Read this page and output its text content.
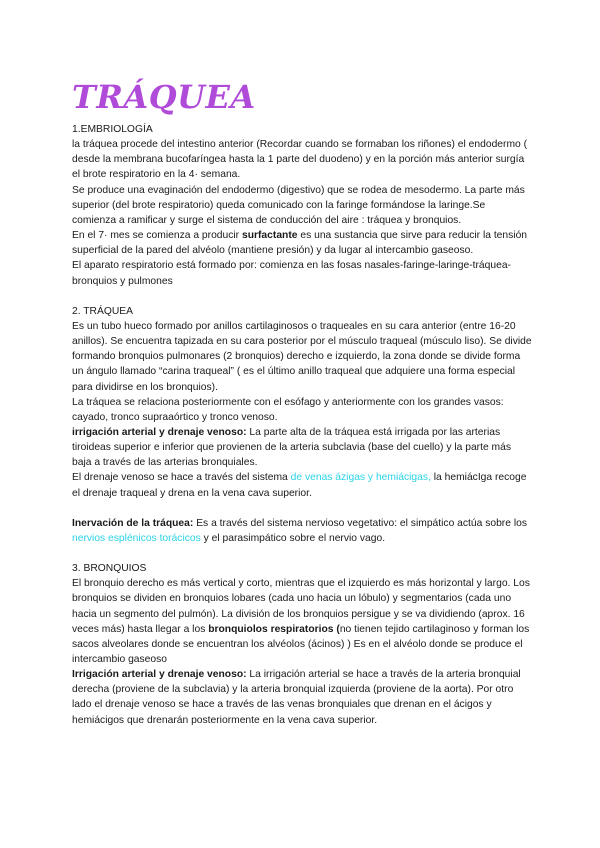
TRÁQUEA

1.EMBRIOLOGÍA

la tráquea procede del intestino anterior (Recordar cuando se formaban los riñones) el endodermo ( desde la membrana bucofaríngea hasta la 1 parte del duodeno) y en la porción más anterior surgía el brote respiratorio en la 4· semana.

Se produce una evaginación del endodermo (digestivo) que se rodea de mesodermo. La parte más superior (del brote respiratorio) queda comunicado con la faringe formándose la laringe.Se comienza a ramificar y surge el sistema de conducción del aire : tráquea y bronquios.

En el 7· mes se comienza a producir surfactante es una sustancia que sirve para reducir la tensión superficial de la pared del alvéolo (mantiene presión) y da lugar al intercambio gaseoso.

El aparato respiratorio está formado por: comienza en las fosas nasales-faringe-laringe-tráquea-bronquios y pulmones

2. TRÁQUEA

Es un tubo hueco formado por anillos cartilaginosos o traqueales en su cara anterior (entre 16-20 anillos). Se encuentra tapizada en su cara posterior por el músculo traqueal (músculo liso). Se divide formando bronquios pulmonares (2 bronquios) derecho e izquierdo, la zona donde se divide forma un ángulo llamado “carina traqueal” ( es el último anillo traqueal que adquiere una forma especial para dividirse en los bronquios).

La tráquea se relaciona posteriormente con el esófago y anteriormente con los grandes vasos: cayado, tronco supraaórtico y tronco venoso.

irrigación arterial y drenaje venoso: La parte alta de la tráquea está irrigada por las arterias tiroideas superior e inferior que provienen de la arteria subclavia (base del cuello) y la parte más baja a través de las arterias bronquiales.

El drenaje venoso se hace a través del sistema de venas ázigas y hemiácigas, la hemiácIga recoge el drenaje traqueal y drena en la vena cava superior.

Inervación de la tráquea: Es a través del sistema nervioso vegetativo: el simpático actúa sobre los nervios esplénicos torácicos y el parasimpático sobre el nervio vago.

3. BRONQUIOS

El bronquio derecho es más vertical y corto, mientras que el izquierdo es más horizontal y largo. Los bronquios se dividen en bronquios lobares (cada uno hacia un lóbulo) y segmentarios (cada uno hacia un segmento del pulmón). La división de los bronquios persigue y se va dividiendo (aprox. 16 veces más) hasta llegar a los bronquiolos respiratorios (no tienen tejido cartilaginoso y forman los sacos alveolares donde se encuentran los alvéolos (ácinos) ) Es en el alvéolo donde se produce el intercambio gaseoso

Irrigación arterial y drenaje venoso: La irrigación arterial se hace a través de la arteria bronquial derecha (proviene de la subclavia) y la arteria bronquial izquierda (proviene de la aorta). Por otro lado el drenaje venoso se hace a través de las venas bronquiales que drenan en el ácigos y hemiácigos que drenarán posteriormente en la vena cava superior.
